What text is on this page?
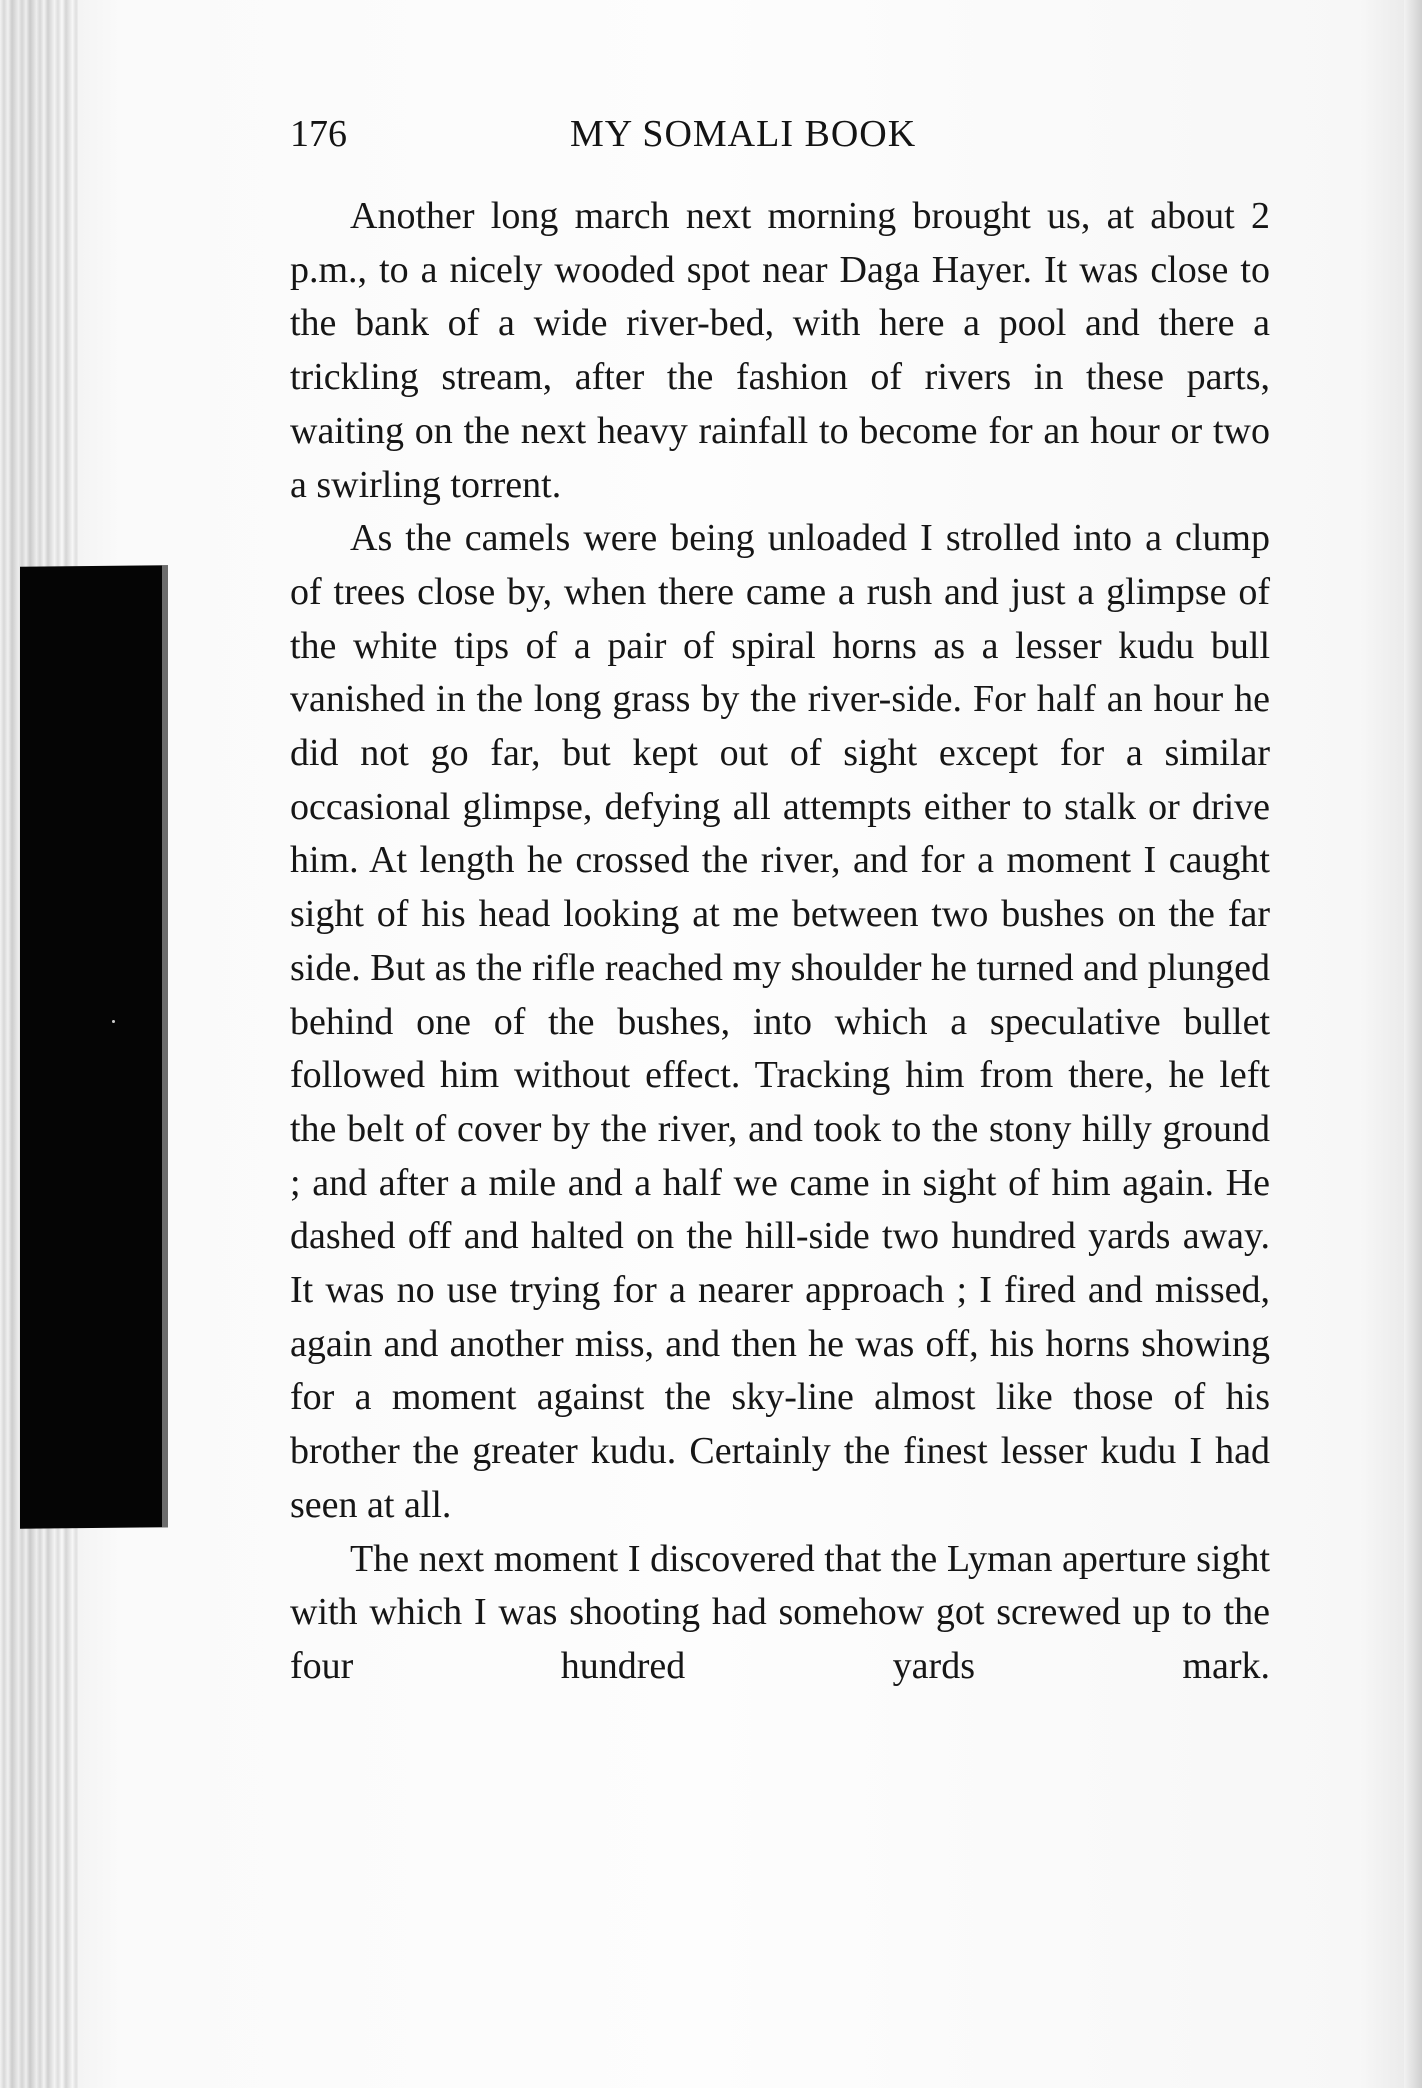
176	MY SOMALI BOOK

Another long march next morning brought us, at about 2 p.m., to a nicely wooded spot near Daga Hayer. It was close to the bank of a wide river-bed, with here a pool and there a trickling stream, after the fashion of rivers in these parts, waiting on the next heavy rainfall to become for an hour or two a swirling torrent.

As the camels were being unloaded I strolled into a clump of trees close by, when there came a rush and just a glimpse of the white tips of a pair of spiral horns as a lesser kudu bull vanished in the long grass by the river-side. For half an hour he did not go far, but kept out of sight except for a similar occasional glimpse, defying all attempts either to stalk or drive him. At length he crossed the river, and for a moment I caught sight of his head looking at me between two bushes on the far side. But as the rifle reached my shoulder he turned and plunged behind one of the bushes, into which a speculative bullet followed him without effect. Tracking him from there, he left the belt of cover by the river, and took to the stony hilly ground ; and after a mile and a half we came in sight of him again. He dashed off and halted on the hill-side two hundred yards away. It was no use trying for a nearer approach ; I fired and missed, again and another miss, and then he was off, his horns showing for a moment against the sky-line almost like those of his brother the greater kudu. Certainly the finest lesser kudu I had seen at all.

The next moment I discovered that the Lyman aperture sight with which I was shooting had somehow got screwed up to the four hundred yards mark.
